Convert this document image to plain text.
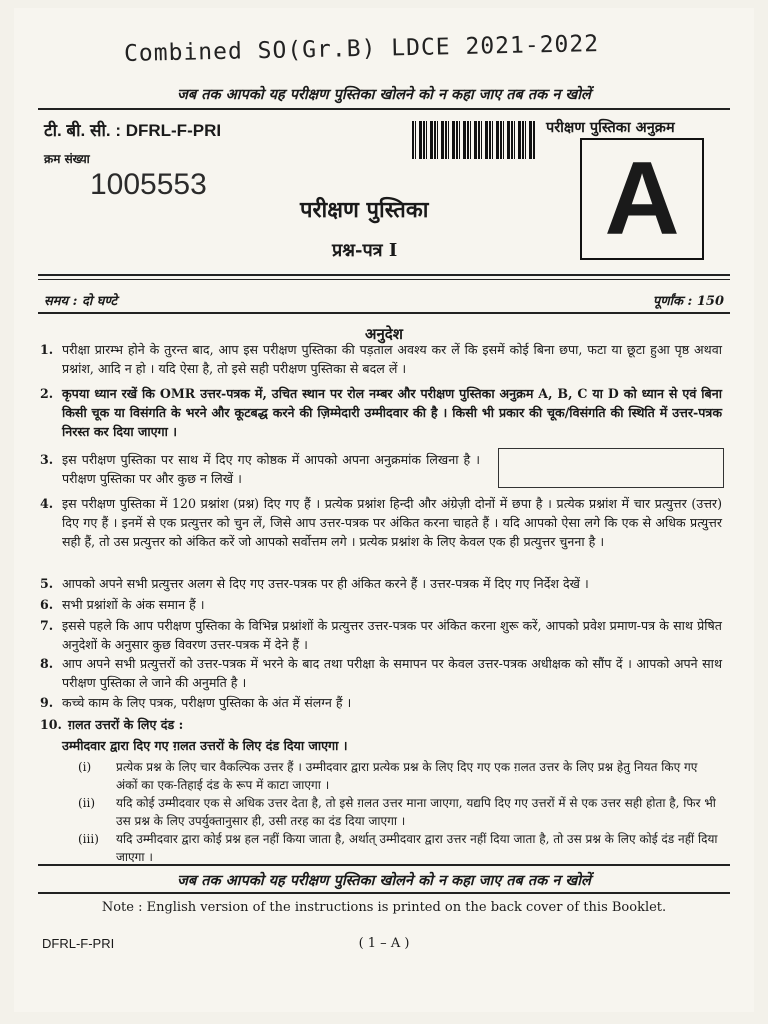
Combined SO(Gr.B) LDCE 2021-2022
जब तक आपको यह परीक्षण पुस्तिका खोलने को न कहा जाए तब तक न खोलें
टी. बी. सी. : DFRL-F-PRI	परीक्षण पुस्तिका अनुक्रम
क्रम संख्या
1005553
परीक्षण पुस्तिका
प्रश्न-पत्र I A
समय : दो घण्टे	पूर्णांक : 150
अनुदेश
1. परीक्षा प्रारम्भ होने के तुरन्त बाद, आप इस परीक्षण पुस्तिका की पड़ताल अवश्य कर लें कि इसमें कोई बिना छपा, फटा या छूटा हुआ पृष्ठ अथवा प्रश्नांश, आदि न हो । यदि ऐसा है, तो इसे सही परीक्षण पुस्तिका से बदल लें ।
2. कृपया ध्यान रखें कि OMR उत्तर-पत्रक में, उचित स्थान पर रोल नम्बर और परीक्षण पुस्तिका अनुक्रम A, B, C या D को ध्यान से एवं बिना किसी चूक या विसंगति के भरने और कूटबद्ध करने की ज़िम्मेदारी उम्मीदवार की है । किसी भी प्रकार की चूक/विसंगति की स्थिति में उत्तर-पत्रक निरस्त कर दिया जाएगा ।
3. इस परीक्षण पुस्तिका पर साथ में दिए गए कोष्ठक में आपको अपना अनुक्रमांक लिखना है । परीक्षण पुस्तिका पर और कुछ न लिखें ।
4. इस परीक्षण पुस्तिका में 120 प्रश्नांश (प्रश्न) दिए गए हैं । प्रत्येक प्रश्नांश हिन्दी और अंग्रेज़ी दोनों में छपा है । प्रत्येक प्रश्नांश में चार प्रत्युत्तर (उत्तर) दिए गए हैं । इनमें से एक प्रत्युत्तर को चुन लें, जिसे आप उत्तर-पत्रक पर अंकित करना चाहते हैं । यदि आपको ऐसा लगे कि एक से अधिक प्रत्युत्तर सही हैं, तो उस प्रत्युत्तर को अंकित करें जो आपको सर्वोत्तम लगे । प्रत्येक प्रश्नांश के लिए केवल एक ही प्रत्युत्तर चुनना है ।
5. आपको अपने सभी प्रत्युत्तर अलग से दिए गए उत्तर-पत्रक पर ही अंकित करने हैं । उत्तर-पत्रक में दिए गए निर्देश देखें ।
6. सभी प्रश्नांशों के अंक समान हैं ।
7. इससे पहले कि आप परीक्षण पुस्तिका के विभिन्न प्रश्नांशों के प्रत्युत्तर उत्तर-पत्रक पर अंकित करना शुरू करें, आपको प्रवेश प्रमाण-पत्र के साथ प्रेषित अनुदेशों के अनुसार कुछ विवरण उत्तर-पत्रक में देने हैं ।
8. आप अपने सभी प्रत्युत्तरों को उत्तर-पत्रक में भरने के बाद तथा परीक्षा के समापन पर केवल उत्तर-पत्रक अधीक्षक को सौंप दें । आपको अपने साथ परीक्षण पुस्तिका ले जाने की अनुमति है ।
9. कच्चे काम के लिए पत्रक, परीक्षण पुस्तिका के अंत में संलग्न हैं ।
10. ग़लत उत्तरों के लिए दंड :
उम्मीदवार द्वारा दिए गए ग़लत उत्तरों के लिए दंड दिया जाएगा ।
(i) प्रत्येक प्रश्न के लिए चार वैकल्पिक उत्तर हैं । उम्मीदवार द्वारा प्रत्येक प्रश्न के लिए दिए गए एक ग़लत उत्तर के लिए प्रश्न हेतु नियत किए गए अंकों का एक-तिहाई दंड के रूप में काटा जाएगा ।
(ii) यदि कोई उम्मीदवार एक से अधिक उत्तर देता है, तो इसे ग़लत उत्तर माना जाएगा, यद्यपि दिए गए उत्तरों में से एक उत्तर सही होता है, फिर भी उस प्रश्न के लिए उपर्युक्तानुसार ही, उसी तरह का दंड दिया जाएगा ।
(iii) यदि उम्मीदवार द्वारा कोई प्रश्न हल नहीं किया जाता है, अर्थात् उम्मीदवार द्वारा उत्तर नहीं दिया जाता है, तो उस प्रश्न के लिए कोई दंड नहीं दिया जाएगा ।
जब तक आपको यह परीक्षण पुस्तिका खोलने को न कहा जाए तब तक न खोलें
Note : English version of the instructions is printed on the back cover of this Booklet.
DFRL-F-PRI	( 1 – A )
